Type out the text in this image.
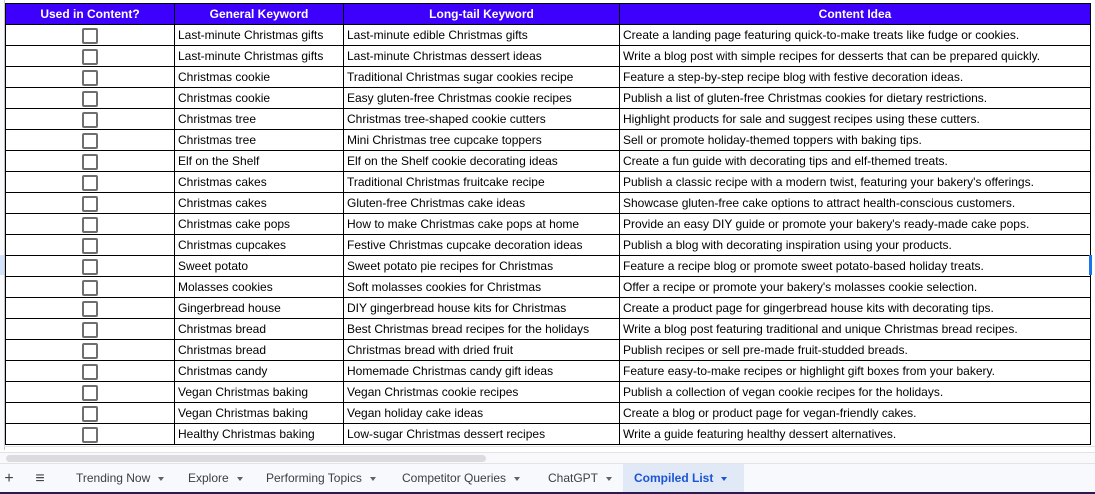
Used in Content?	General Keyword	Long-tail Keyword	Content Idea
	Last-minute Christmas gifts	Last-minute edible Christmas gifts	Create a landing page featuring quick-to-make treats like fudge or cookies.
	Last-minute Christmas gifts	Last-minute Christmas dessert ideas	Write a blog post with simple recipes for desserts that can be prepared quickly.
	Christmas cookie	Traditional Christmas sugar cookies recipe	Feature a step-by-step recipe blog with festive decoration ideas.
	Christmas cookie	Easy gluten-free Christmas cookie recipes	Publish a list of gluten-free Christmas cookies for dietary restrictions.
	Christmas tree	Christmas tree-shaped cookie cutters	Highlight products for sale and suggest recipes using these cutters.
	Christmas tree	Mini Christmas tree cupcake toppers	Sell or promote holiday-themed toppers with baking tips.
	Elf on the Shelf	Elf on the Shelf cookie decorating ideas	Create a fun guide with decorating tips and elf-themed treats.
	Christmas cakes	Traditional Christmas fruitcake recipe	Publish a classic recipe with a modern twist, featuring your bakery's offerings.
	Christmas cakes	Gluten-free Christmas cake ideas	Showcase gluten-free cake options to attract health-conscious customers.
	Christmas cake pops	How to make Christmas cake pops at home	Provide an easy DIY guide or promote your bakery's ready-made cake pops.
	Christmas cupcakes	Festive Christmas cupcake decoration ideas	Publish a blog with decorating inspiration using your products.
	Sweet potato	Sweet potato pie recipes for Christmas	Feature a recipe blog or promote sweet potato-based holiday treats.
	Molasses cookies	Soft molasses cookies for Christmas	Offer a recipe or promote your bakery's molasses cookie selection.
	Gingerbread house	DIY gingerbread house kits for Christmas	Create a product page for gingerbread house kits with decorating tips.
	Christmas bread	Best Christmas bread recipes for the holidays	Write a blog post featuring traditional and unique Christmas bread recipes.
	Christmas bread	Christmas bread with dried fruit	Publish recipes or sell pre-made fruit-studded breads.
	Christmas candy	Homemade Christmas candy gift ideas	Feature easy-to-make recipes or highlight gift boxes from your bakery.
	Vegan Christmas baking	Vegan Christmas cookie recipes	Publish a collection of vegan cookie recipes for the holidays.
	Vegan Christmas baking	Vegan holiday cake ideas	Create a blog or product page for vegan-friendly cakes.
	Healthy Christmas baking	Low-sugar Christmas dessert recipes	Write a guide featuring healthy dessert alternatives.
+	≡	Trending Now	Explore	Performing Topics	Competitor Queries	ChatGPT	Compiled List
